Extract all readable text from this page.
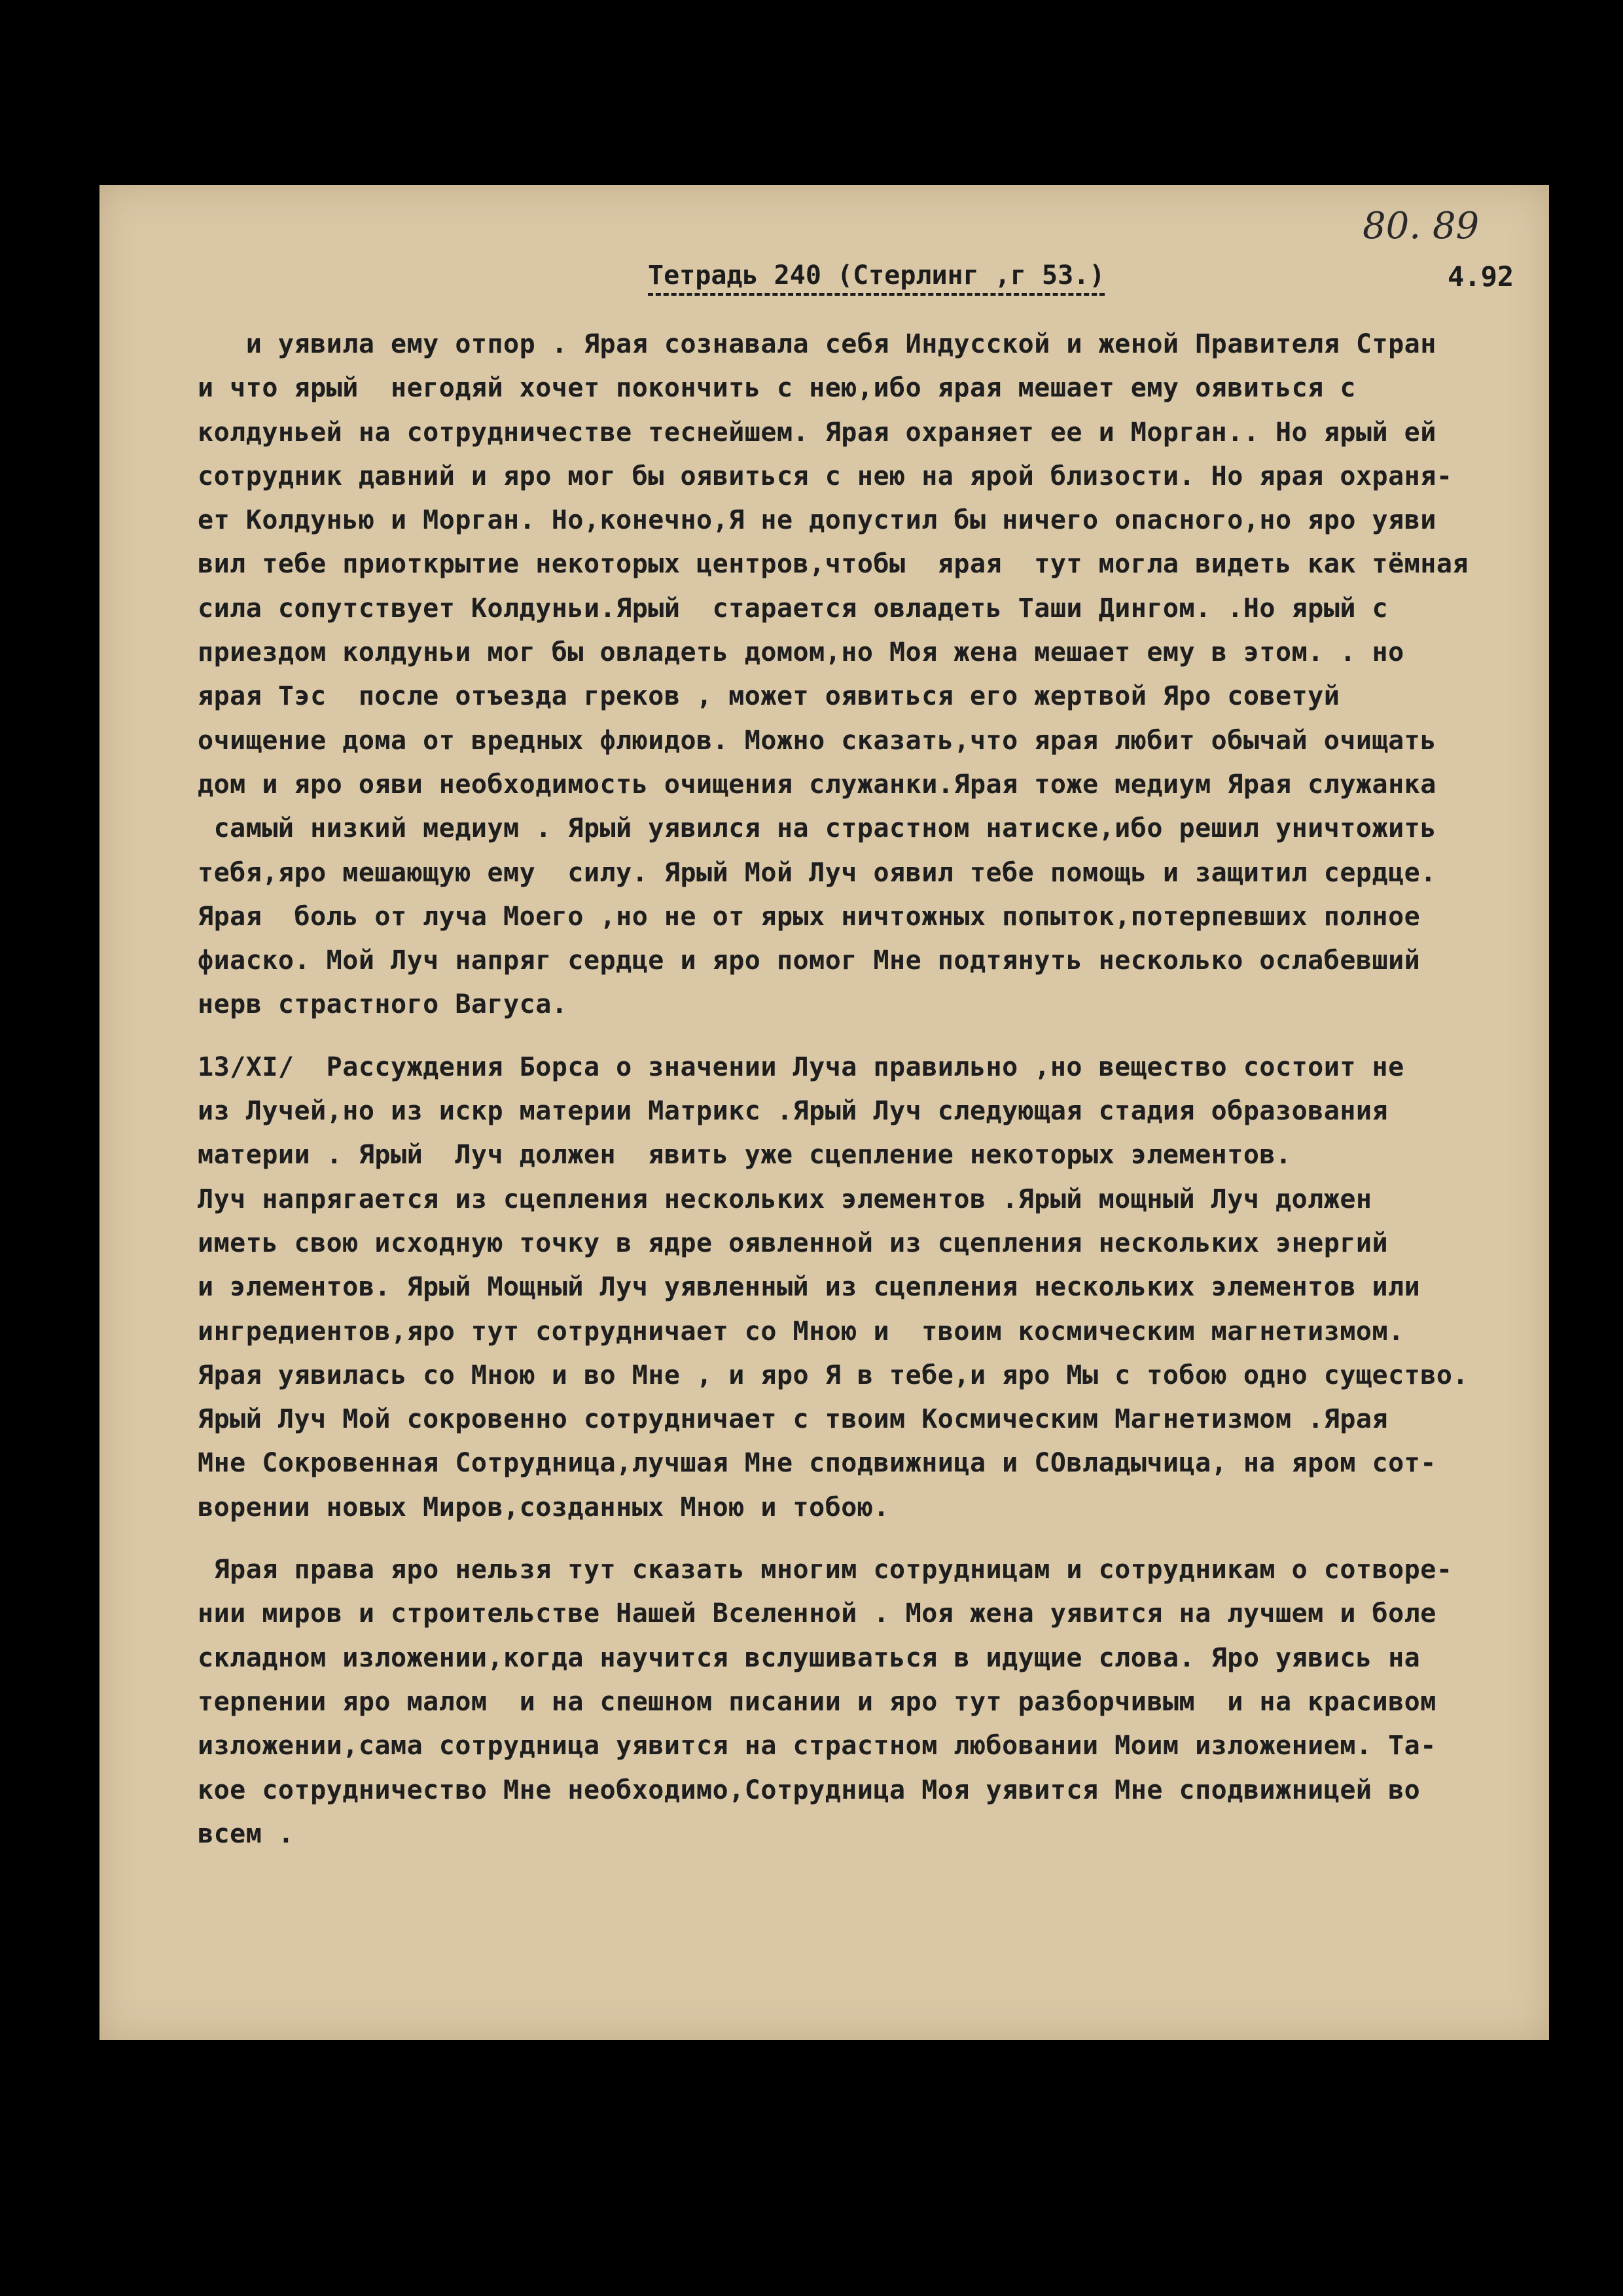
80. 89
Тетрадь 240 (Стерлинг ,г 53.)	4.92
и уявила ему отпор . Ярая сознавала себя Индусской и женой Правителя Стран
и что ярый  негодяй хочет покончить с нею,ибо ярая мешает ему оявиться с
колдуньей на сотрудничестве теснейшем. Ярая охраняет ее и Морган.. Но ярый ей
сотрудник давний и яро мог бы оявиться с нею на ярой близости. Но ярая охраня-
ет Колдунью и Морган. Но,конечно,Я не допустил бы ничего опасного,но яро уяви
вил тебе приоткрытие некоторых центров,чтобы  ярая  тут могла видеть как тёмная
сила сопутствует Колдуньи.Ярый  старается овладеть Таши Дингом. .Но ярый с
приездом колдуньи мог бы овладеть домом,но Моя жена мешает ему в этом. . но
ярая Тэс  после отъезда греков , может оявиться его жертвой Яро советуй
очищение дома от вредных флюидов. Можно сказать,что ярая любит обычай очищать
дом и яро ояви необходимость очищения служанки.Ярая тоже медиум Ярая служанка
самый низкий медиум . Ярый уявился на страстном натиске,ибо решил уничтожить
тебя,яро мешающую ему  силу. Ярый Мой Луч оявил тебе помощь и защитил сердце.
Ярая  боль от луча Моего ,но не от ярых ничтожных попыток,потерпевших полное
фиаско. Мой Луч напряг сердце и яро помог Мне подтянуть несколько ослабевший
нерв страстного Вагуса.
13/XI/  Рассуждения Борса о значении Луча правильно ,но вещество состоит не
из Лучей,но из искр материи Матрикс .Ярый Луч следующая стадия образования
материи . Ярый  Луч должен  явить уже сцепление некоторых элементов.
Луч напрягается из сцепления нескольких элементов .Ярый мощный Луч должен
иметь свою исходную точку в ядре оявленной из сцепления нескольких энергий
и элементов. Ярый Мощный Луч уявленный из сцепления нескольких элементов или
ингредиентов,яро тут сотрудничает со Мною и  твоим космическим магнетизмом.
Ярая уявилась со Мною и во Мне , и яро Я в тебе,и яро Мы с тобою одно существо.
Ярый Луч Мой сокровенно сотрудничает с твоим Космическим Магнетизмом .Ярая
Мне Сокровенная Сотрудница,лучшая Мне сподвижница и СОвладычица, на яром сот-
ворении новых Миров,созданных Мною и тобою.
Ярая права яро нельзя тут сказать многим сотрудницам и сотрудникам о сотворе-
нии миров и строительстве Нашей Вселенной . Моя жена уявится на лучшем и боле
складном изложении,когда научится вслушиваться в идущие слова. Яро уявись на
терпении яро малом  и на спешном писании и яро тут разборчивым  и на красивом
изложении,сама сотрудница уявится на страстном любовании Моим изложением. Та-
кое сотрудничество Мне необходимо,Сотрудница Моя уявится Мне сподвижницей во
всем .
